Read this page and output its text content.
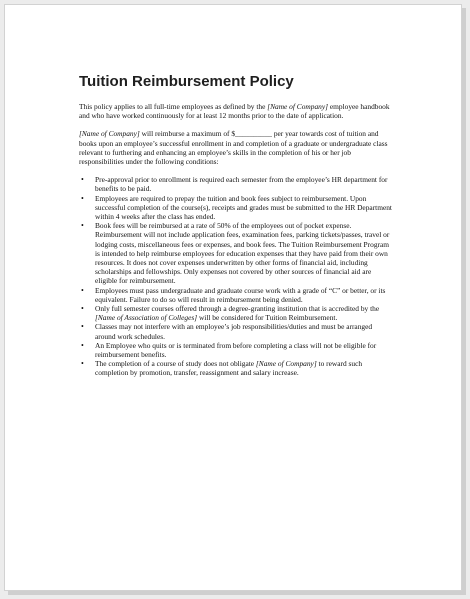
Tuition Reimbursement Policy

This policy applies to all full-time employees as defined by the [Name of Company] employee handbook and who have worked continuously for at least 12 months prior to the date of application.

[Name of Company] will reimburse a maximum of $__________ per year towards cost of tuition and books upon an employee’s successful enrollment in and completion of a graduate or undergraduate class relevant to furthering and enhancing an employee’s skills in the completion of his or her job responsibilities under the following conditions:

•
Pre-approval prior to enrollment is required each semester from the employee’s HR department for benefits to be paid.
•
Employees are required to prepay the tuition and book fees subject to reimbursement. Upon successful completion of the course(s), receipts and grades must be submitted to the HR Department within 4 weeks after the class has ended.
•
Book fees will be reimbursed at a rate of 50% of the employees out of pocket expense. Reimbursement will not include application fees, examination fees, parking tickets/passes, travel or lodging costs, miscellaneous fees or expenses, and book fees. The Tuition Reimbursement Program is intended to help reimburse employees for education expenses that they have paid from their own resources. It does not cover expenses underwritten by other forms of financial aid, including scholarships and fellowships. Only expenses not covered by other sources of financial aid are eligible for reimbursement.
•
Employees must pass undergraduate and graduate course work with a grade of “C” or better, or its equivalent. Failure to do so will result in reimbursement being denied.
•
Only full semester courses offered through a degree-granting institution that is accredited by the [Name of Association of Colleges] will be considered for Tuition Reimbursement.
•
Classes may not interfere with an employee’s job responsibilities/duties and must be arranged around work schedules.
•
An Employee who quits or is terminated from before completing a class will not be eligible for reimbursement benefits.
•
The completion of a course of study does not obligate [Name of Company] to reward such completion by promotion, transfer, reassignment and salary increase.
